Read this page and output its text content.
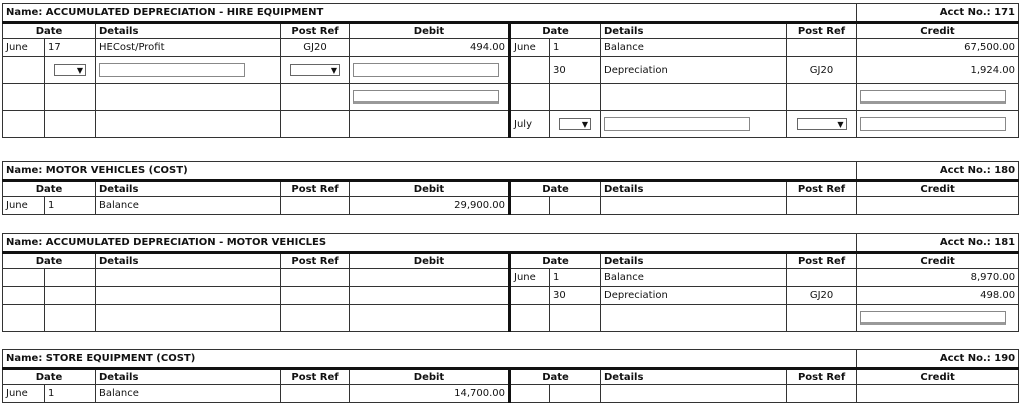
Name: ACCUMULATED DEPRECIATION - HIRE EQUIPMENT									Acct No.: 171
Date		Details	Post Ref	Debit	Date		Details	Post Ref	Credit
June	17	HECost/Profit	GJ20	494.00	June	1	Balance		67,500.00
	▼		▼			30	Depreciation	GJ20	1,924.00

					July	▼		▼	
Name: MOTOR VEHICLES (COST)									Acct No.: 180
Date		Details	Post Ref	Debit	Date		Details	Post Ref	Credit
June	1	Balance		29,900.00					
Name: ACCUMULATED DEPRECIATION - MOTOR VEHICLES									Acct No.: 181
Date		Details	Post Ref	Debit	Date		Details	Post Ref	Credit
					June	1	Balance		8,970.00
						30	Depreciation	GJ20	498.00

Name: STORE EQUIPMENT (COST)									Acct No.: 190
Date		Details	Post Ref	Debit	Date		Details	Post Ref	Credit
June	1	Balance		14,700.00					
